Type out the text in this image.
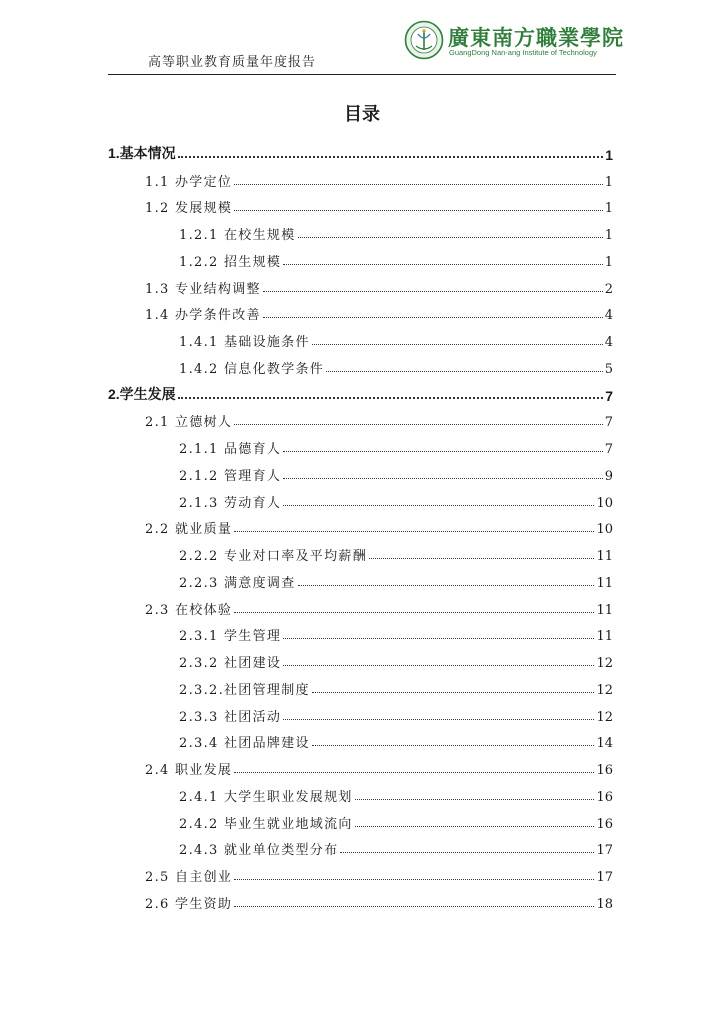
高等职业教育质量年度报告
廣東南方職業學院
GuangDong Nan-ang Institute of Technology
目录
1.基本情况	1
1.1 办学定位	1
1.2 发展规模	1
1.2.1 在校生规模	1
1.2.2 招生规模	1
1.3 专业结构调整	2
1.4 办学条件改善	4
1.4.1 基础设施条件	4
1.4.2 信息化教学条件	5
2.学生发展	7
2.1 立德树人	7
2.1.1 品德育人	7
2.1.2 管理育人	9
2.1.3 劳动育人	10
2.2 就业质量	10
2.2.2 专业对口率及平均薪酬	11
2.2.3 满意度调查	11
2.3 在校体验	11
2.3.1 学生管理	11
2.3.2 社团建设	12
2.3.2.社团管理制度	12
2.3.3 社团活动	12
2.3.4 社团品牌建设	14
2.4 职业发展	16
2.4.1 大学生职业发展规划	16
2.4.2 毕业生就业地域流向	16
2.4.3 就业单位类型分布	17
2.5 自主创业	17
2.6 学生资助	18
